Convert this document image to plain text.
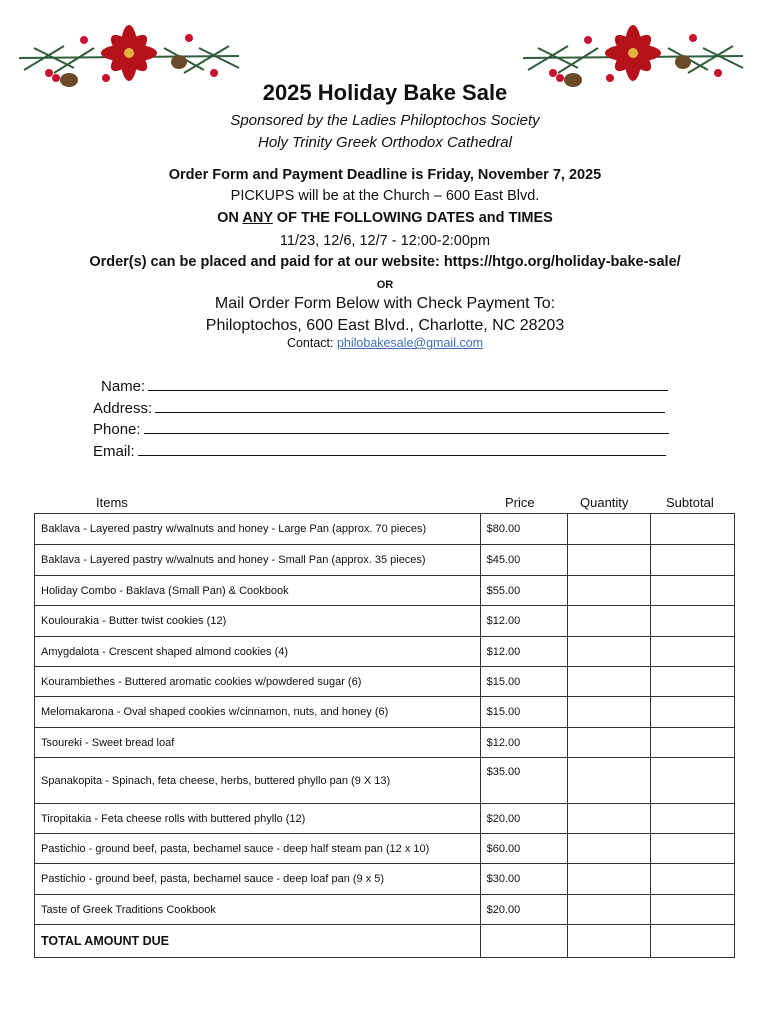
2025 Holiday Bake Sale
Sponsored by the Ladies Philoptochos Society
Holy Trinity Greek Orthodox Cathedral
Order Form and Payment Deadline is Friday, November 7, 2025
PICKUPS will be at the Church – 600 East Blvd.
ON ANY OF THE FOLLOWING DATES and TIMES
11/23, 12/6, 12/7 - 12:00-2:00pm
Order(s) can be placed and paid for at our website: https://htgo.org/holiday-bake-sale/
OR
Mail Order Form Below with Check Payment To:
Philoptochos, 600 East Blvd., Charlotte, NC 28203
Contact: philobakesale@gmail.com
Name:
Address:
Phone:
Email:
Items	Price	Quantity	Subtotal
Baklava - Layered pastry w/walnuts and honey - Large Pan (approx. 70 pieces)	$80.00		
Baklava - Layered pastry w/walnuts and honey - Small Pan (approx. 35 pieces)	$45.00		
Holiday Combo - Baklava (Small Pan) & Cookbook	$55.00		
Koulourakia - Butter twist cookies (12)	$12.00		
Amygdalota - Crescent shaped almond cookies (4)	$12.00		
Kourambiethes - Buttered aromatic cookies w/powdered sugar (6)	$15.00		
Melomakarona - Oval shaped cookies w/cinnamon, nuts, and honey (6)	$15.00		
Tsoureki - Sweet bread loaf	$12.00		
Spanakopita - Spinach, feta cheese, herbs, buttered phyllo pan (9 X 13)	$35.00		
Tiropitakia - Feta cheese rolls with buttered phyllo (12)	$20.00		
Pastichio - ground beef, pasta, bechamel sauce - deep half steam pan (12 x 10)	$60.00		
Pastichio - ground beef, pasta, bechamel sauce - deep loaf pan (9 x 5)	$30.00		
Taste of Greek Traditions Cookbook	$20.00		
TOTAL AMOUNT DUE			
